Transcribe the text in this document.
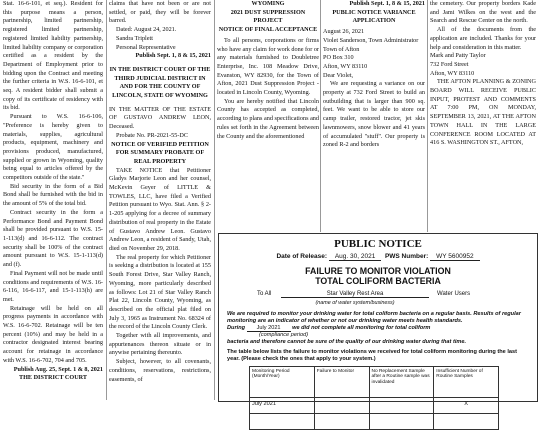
Stat. 16-6-101, et seq.). Resident for this purpose means a person, partnership, limited partnership, registered limited partnership, registered limited liability partnership, limited liability company or corporation certified as a resident by the Department of Employment prior to bidding upon the Contract and meeting the further criteria in W.S. 16-6-101, et seq. A resident bidder shall submit a copy of its certificate of residency with its bid.

Pursuant to W.S. 16-6-106, "Preference is hereby given to materials, supplies, agricultural products, equipment, machinery and provisions produced, manufactured, supplied or grown in Wyoming, quality being equal to articles offered by the competitors outside of the state."

Bid security in the form of a Bid Bond shall be furnished with the bid in the amount of 5% of the total bid.

Contract security in the form a Performance Bond and Payment Bond shall be provided pursuant to W.S. 15-1-113(d) and 16-6-112. The contract security shall be 100% of the contract amount pursuant to W.S. 15-1-113(d) and (f).

Final Payment will not be made until conditions and requirements of W.S. 16-6-116, 16-6-117, and 15-1-113(h) are met.

Retainage will be held on all progress payments in accordance with W.S. 16-6-702. Retainage will be ten percent (10%) and may be held in a contractor designated interest bearing account for retainage in accordance with W.S. 16-6-702, 704 and 705.

Publish Aug. 25, Sept. 1 & 8, 2021

THE DISTRICT COURT

claims that have not been or are not settled, or paid, they will be forever barred.

Dated: August 24, 2021.

Sandra Triplett

Personal Representative

Publish Sept. 1, 8 & 15, 2021

IN THE DISTRICT COURT OF THE THIRD JUDICIAL DISTRICT IN AND FOR THE COUNTY OF LINCOLN, STATE OF WYOMING

IN THE MATTER OF THE ESTATE OF GUSTAVO ANDREW LEON, Deceased.

Probate No. PR-2021-55-DC

NOTICE OF VERIFIED PETITION FOR SUMMARY PROBATE OF REAL PROPERTY

TAKE NOTICE that Petitioner Gladys Marjorie Leon and her counsel, McKevin Geyer of LITTLE & TOWLES, LLC, have filed a Verified Petition pursuant to Wyo. Stat. Ann. § 2-1-205 applying for a decree of summary distribution of real property in the Estate of Gustavo Andrew Leon. Gustavo Andrew Leon, a resident of Sandy, Utah, died on November 29, 2018.

The real property for which Petitioner is seeking a distribution is located at 155 South Forest Drive, Star Valley Ranch, Wyoming, more particularly described as follows: Lot 21 of Star Valley Ranch Plat 22, Lincoln County, Wyoming, as described on the official plat filed on July 3, 1965 as Instrument No. 68324 of the record of the Lincoln County Clerk.

Together with all improvements, and appurtenances thereon situate or in anywise pertaining thereunto.

Subject, however, to all covenants, conditions, reservations, restrictions, easements, of

WYOMING

2021 DUST SUPPRESSION PROJECT

NOTICE OF FINAL ACCEPTANCE

To all persons, corporations or firms who have any claim for work done for or any materials furnished to Doubletree Enterprise, Inc. 108 Meadow Drive, Evanston, WY 82930, for the Town of Afton, 2021 Dust Suppression Project - located in Lincoln County, Wyoming.

You are hereby notified that Lincoln County has accepted as completed, according to plans and specifications and rules set forth in the Agreement between the County and the aforementioned

Publish Sept. 1, 8 & 15, 2021

PUBLIC NOTICE VARIANCE APPLICATION

August 26, 2021

Violet Sanderson, Town Administrator

Town of Afton

PO Box 310

Afton, WY 83110

Dear Violet,

We are requesting a variance on our property at 732 Ford Street to build an outbuilding that is larger than 900 sq. feet. We want to be able to store our camp trailer, restored tractor, jet skis lawnmowers, snow blower and 41 years of accumulated "stuff". Our property is zoned R-2 and borders

the cemetery. Our property borders Kade and Jami Wilkes on the west and the Search and Rescue Center on the north.

All of the documents from the application are included. Thanks for your help and consideration in this matter.

Mark and Patty Taylor

732 Ford Street

Afton, WY 83110

THE AFTON PLANNING & ZONING BOARD WILL RECEIVE PUBLIC INPUT, PROTEST AND COMMENTS AT 7:00 PM, ON MONDAY, SEPTEMBER 13, 2021, AT THE AFTON TOWN HALL IN THE LARGE CONFERENCE ROOM LOCATED AT 416 S. WASHINGTON ST., AFTON,

PUBLIC NOTICE
Date of Release: Aug. 30, 2021 PWS Number: WY 5600952
FAILURE TO MONITOR VIOLATION
TOTAL COLIFORM BACTERIA
To All	Star Valley Rest Area	Water Users
(name of water system/business)
We are required to monitor your drinking water for total coliform bacteria on a regular basis. Results of regular monitoring are an indicator of whether or not our drinking water meets health standards.
During July 2021 we did not complete all monitoring for total coliform
(compliance period)
bacteria and therefore cannot be sure of the quality of our drinking water during that time.
The table below lists the failure to monitor violations we received for total coliform monitoring during the last year. (Please check the ones that apply to your system.)
Monitoring Period (Month/Year)	Failure to Monitor	No Replacement Sample after a Routine sample was invalidated	Insufficient Number of Routine Samples
July 2021			X
